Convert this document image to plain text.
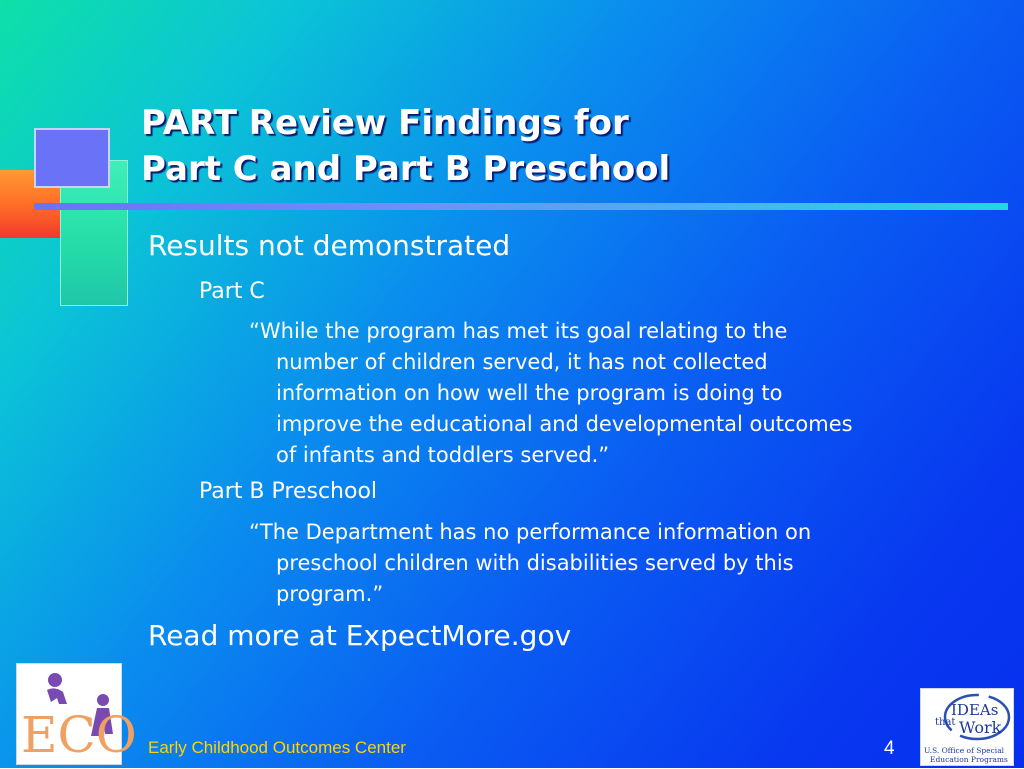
PART Review Findings for
Part C and Part B Preschool
Results not demonstrated
Part C
“While the program has met its goal relating to the
number of children served, it has not collected
information on how well the program is doing to
improve the educational and developmental outcomes
of infants and toddlers served.”
Part B Preschool
“The Department has no performance information on
preschool children with disabilities served by this
program.”
Read more at ExpectMore.gov
ECO Early Childhood Outcomes Center	4
IDEAs
that Work
U.S. Office of Special
Education Programs
